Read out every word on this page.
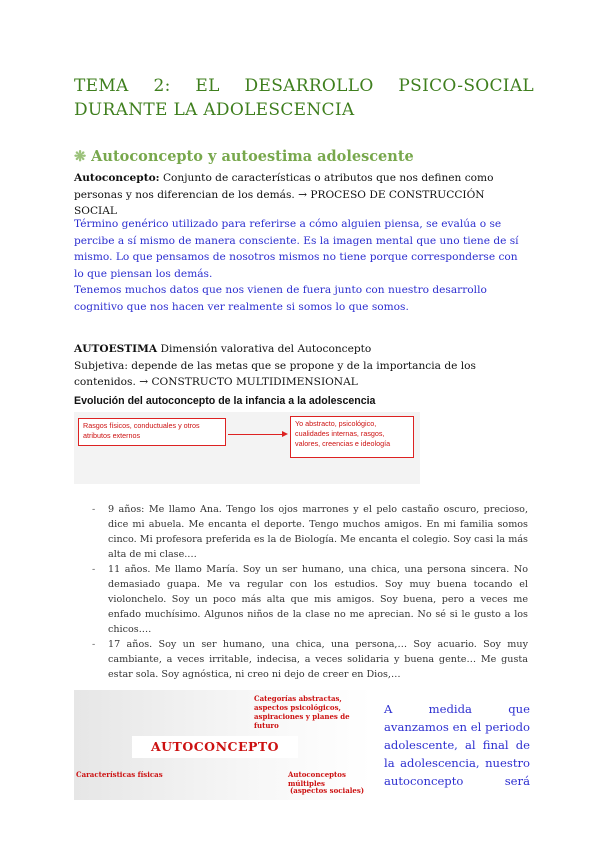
TEMA 2: EL DESARROLLO PSICO-SOCIAL DURANTE LA ADOLESCENCIA
❋ Autoconcepto y autoestima adolescente
Autoconcepto: Conjunto de características o atributos que nos definen como personas y nos diferencian de los demás. → PROCESO DE CONSTRUCCIÓN SOCIAL
Término genérico utilizado para referirse a cómo alguien piensa, se evalúa o se percibe a sí mismo de manera consciente. Es la imagen mental que uno tiene de sí mismo. Lo que pensamos de nosotros mismos no tiene porque corresponderse con lo que piensan los demás.
Tenemos muchos datos que nos vienen de fuera junto con nuestro desarrollo cognitivo que nos hacen ver realmente si somos lo que somos.
AUTOESTIMA Dimensión valorativa del Autoconcepto
Subjetiva: depende de las metas que se propone y de la importancia de los contenidos. → CONSTRUCTO MULTIDIMENSIONAL
Evolución del autoconcepto de la infancia a la adolescencia
Rasgos físicos, conductuales y otros atributos externos
Yo abstracto, psicológico, cualidades internas, rasgos, valores, creencias e ideología
- 9 años: Me llamo Ana. Tengo los ojos marrones y el pelo castaño oscuro, precioso, dice mi abuela. Me encanta el deporte. Tengo muchos amigos. En mi familia somos cinco. Mi profesora preferida es la de Biología. Me encanta el colegio. Soy casi la más alta de mi clase.…
- 11 años. Me llamo María. Soy un ser humano, una chica, una persona sincera. No demasiado guapa. Me va regular con los estudios. Soy muy buena tocando el violonchelo. Soy un poco más alta que mis amigos. Soy buena, pero a veces me enfado muchísimo. Algunos niños de la clase no me aprecian. No sé si le gusto a los chicos.…
- 17 años. Soy un ser humano, una chica, una persona,… Soy acuario. Soy muy cambiante, a veces irritable, indecisa, a veces solidaria y buena gente… Me gusta estar sola. Soy agnóstica, ni creo ni dejo de creer en Dios,…
Categorías abstractas, aspectos psicológicos, aspiraciones y planes de futuro
AUTOCONCEPTO
Características físicas	Autoconceptos múltiples
(aspectos sociales)
A medida que avanzamos en el periodo adolescente, al final de la adolescencia, nuestro autoconcepto será
